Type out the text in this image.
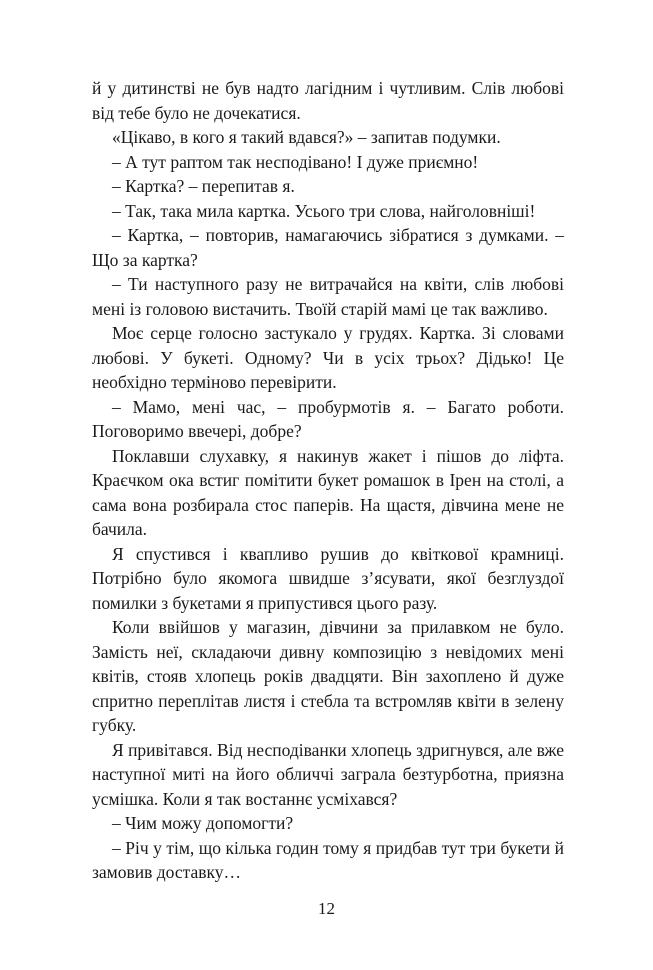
й у дитинстві не був надто лагідним і чутливим. Слів любові від тебе було не дочекатися.

«Цікаво, в кого я такий вдався?» – запитав подумки.

– А тут раптом так несподівано! І дуже приємно!

– Картка? – перепитав я.

– Так, така мила картка. Усього три слова, найголовніші!

– Картка, – повторив, намагаючись зібратися з думками. – Що за картка?

– Ти наступного разу не витрачайся на квіти, слів любові мені із головою вистачить. Твоїй старій мамі це так важливо.

Моє серце голосно застукало у грудях. Картка. Зі словами любові. У букеті. Одному? Чи в усіх трьох? Дідько! Це необхідно терміново перевірити.

– Мамо, мені час, – пробурмотів я. – Багато роботи. Поговоримо ввечері, добре?

Поклавши слухавку, я накинув жакет і пішов до ліфта. Краєчком ока встиг помітити букет ромашок в Ірен на столі, а сама вона розбирала стос паперів. На щастя, дівчина мене не бачила.

Я спустився і квапливо рушив до квіткової крамниці. Потрібно було якомога швидше з’ясувати, якої безглуздої помилки з букетами я припустився цього разу.

Коли ввійшов у магазин, дівчини за прилавком не було. Замість неї, складаючи дивну композицію з невідомих мені квітів, стояв хлопець років двадцяти. Він захоплено й дуже спритно переплітав листя і стебла та встромляв квіти в зелену губку.

Я привітався. Від несподіванки хлопець здригнувся, але вже наступної миті на його обличчі заграла безтурботна, приязна усмішка. Коли я так востаннє усміхався?

– Чим можу допомогти?

– Річ у тім, що кілька годин тому я придбав тут три букети й замовив доставку…

12
